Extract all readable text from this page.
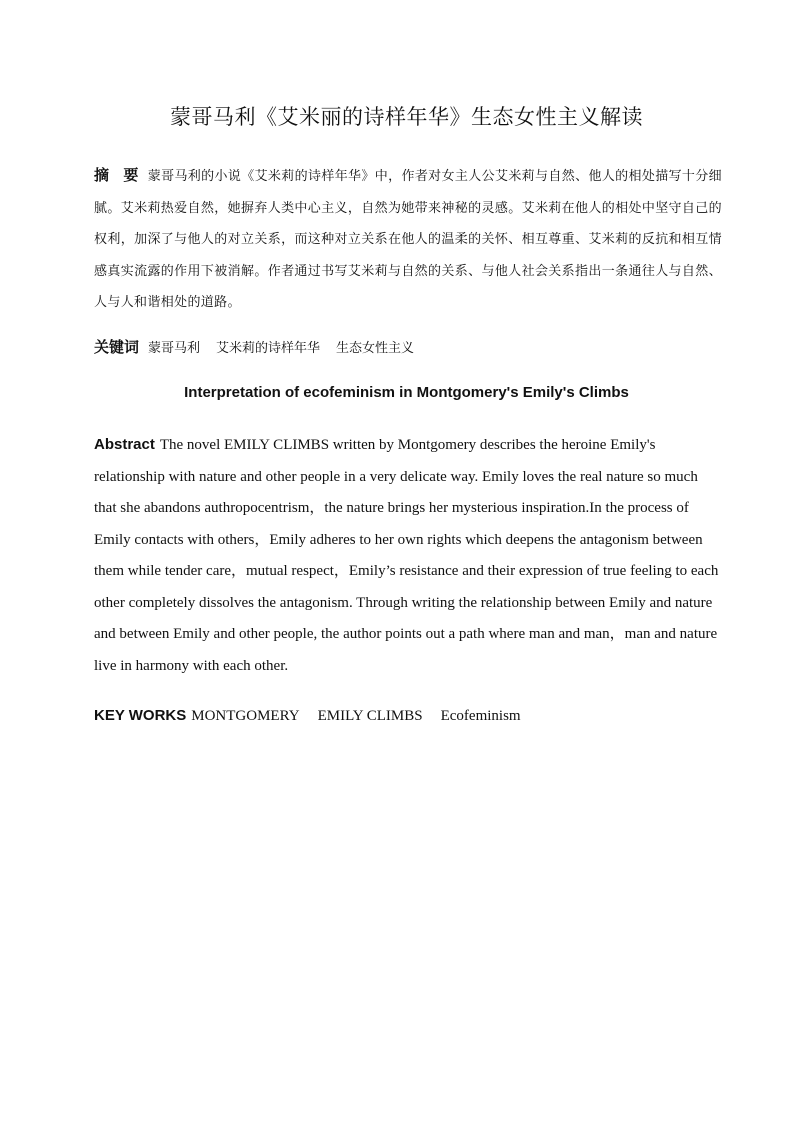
蒙哥马利《艾米丽的诗样年华》生态女性主义解读
摘 要 蒙哥马利的小说《艾米莉的诗样年华》中，作者对女主人公艾米莉与自然、他人的相处描写十分细腻。艾米莉热爱自然，她摒弃人类中心主义，自然为她带来神秘的灵感。艾米莉在他人的相处中坚守自己的权利，加深了与他人的对立关系，而这种对立关系在他人的温柔的关怀、相互尊重、艾米莉的反抗和相互情感真实流露的作用下被消解。作者通过书写艾米莉与自然的关系、与他人社会关系指出一条通往人与自然、人与人和谐相处的道路。
关键词 蒙哥马利 艾米莉的诗样年华 生态女性主义
Interpretation of ecofeminism in Montgomery's Emily's Climbs
Abstract The novel EMILY CLIMBS written by Montgomery describes the heroine Emily's relationship with nature and other people in a very delicate way. Emily loves the real nature so much that she abandons authropocentrism，the nature brings her mysterious inspiration.In the process of Emily contacts with others，Emily adheres to her own rights which deepens the antagonism between them while tender care，mutual respect，Emily’s resistance and their expression of true feeling to each other completely dissolves the antagonism. Through writing the relationship between Emily and nature and between Emily and other people, the author points out a path where man and man，man and nature live in harmony with each other.
KEY WORKS MONTGOMERY EMILY CLIMBS Ecofeminism
